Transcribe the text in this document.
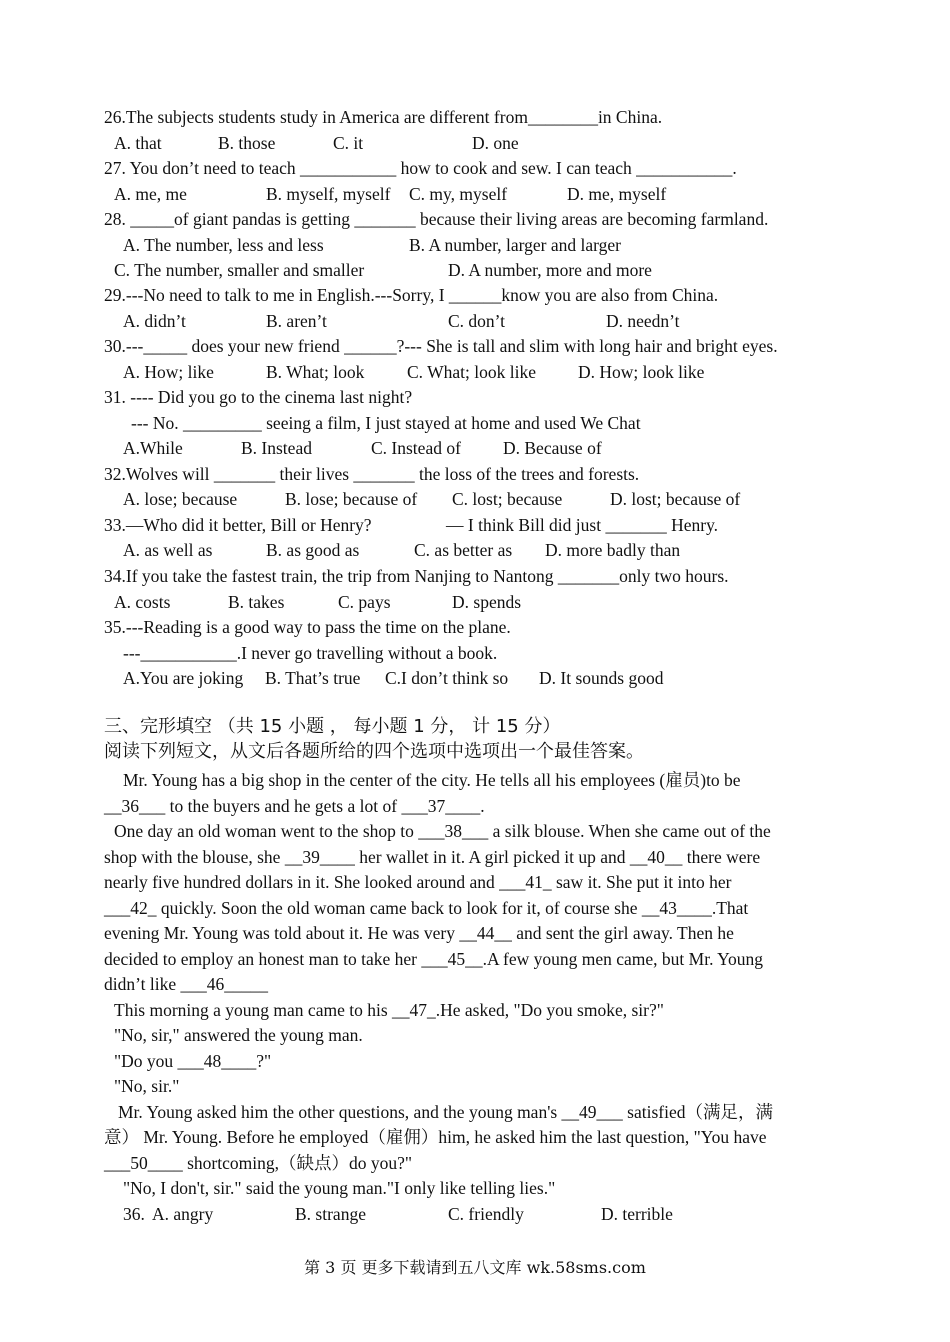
26.The subjects students study in America are different from________in China.
A. that	B. those	C. it	D. one
27. You don’t need to teach ___________ how to cook and sew. I can teach ___________.
A. me, me	B. myself, myself C. my, myself	D. me, myself
28. _____of giant pandas is getting _______ because their living areas are becoming farmland.
A. The number, less and less	B. A number, larger and larger
C. The number, smaller and smaller	D. A number, more and more
29.---No need to talk to me in English.---Sorry, I ______know you are also from China.
A. didn’t	B. aren’t	C. don’t	D. needn’t
30.---_____ does your new friend ______?--- She is tall and slim with long hair and bright eyes.
A. How; like	B. What; look C. What; look like D. How; look like
31. ---- Did you go to the cinema last night?
--- No. _________ seeing a film, I just stayed at home and used We Chat
A.While	B. Instead	C. Instead of D. Because of
32.Wolves will _______ their lives _______ the loss of the trees and forests.
A. lose; because	B. lose; because of C. lost; because	D. lost; because of
33.—Who did it better, Bill or Henry?	— I think Bill did just _______ Henry.
A. as well as	B. as good as	C. as better as D. more badly than
34.If you take the fastest train, the trip from Nanjing to Nantong _______only two hours.
A. costs	B. takes	C. pays	D. spends
35.---Reading is a good way to pass the time on the plane.
---___________.I never go travelling without a book.
A.You are joking B. That’s true C.I don’t think so D. It sounds good
三、完形填空 （共 15 小题 ， 每小题 1 分， 计 15 分）
阅读下列短文，从文后各题所给的四个选项中选项出一个最佳答案。
Mr. Young has a big shop in the center of the city. He tells all his employees (雇员)to be
__36___ to the buyers and he gets a lot of ___37____.
One day an old woman went to the shop to ___38___ a silk blouse. When she came out of the
shop with the blouse, she __39____ her wallet in it. A girl picked it up and __40__ there were
nearly five hundred dollars in it. She looked around and ___41_ saw it. She put it into her
___42_ quickly. Soon the old woman came back to look for it, of course she __43____.That
evening Mr. Young was told about it. He was very __44__ and sent the girl away. Then he
decided to employ an honest man to take her ___45__.A few young men came, but Mr. Young
didn’t like ___46_____
This morning a young man came to his __47_.He asked, "Do you smoke, sir?"
"No, sir," answered the young man.
"Do you ___48____?"
"No, sir."
Mr. Young asked him the other questions, and the young man's __49___ satisfied（满足，满
意） Mr. Young. Before he employed（雇佣）him, he asked him the last question, "You have
___50____ shortcoming,（缺点）do you?"
"No, I don't, sir." said the young man."I only like telling lies."
36. A. angry	B. strange	C. friendly	D. terrible
第 3 页 更多下载请到五八文库 wk.58sms.com
